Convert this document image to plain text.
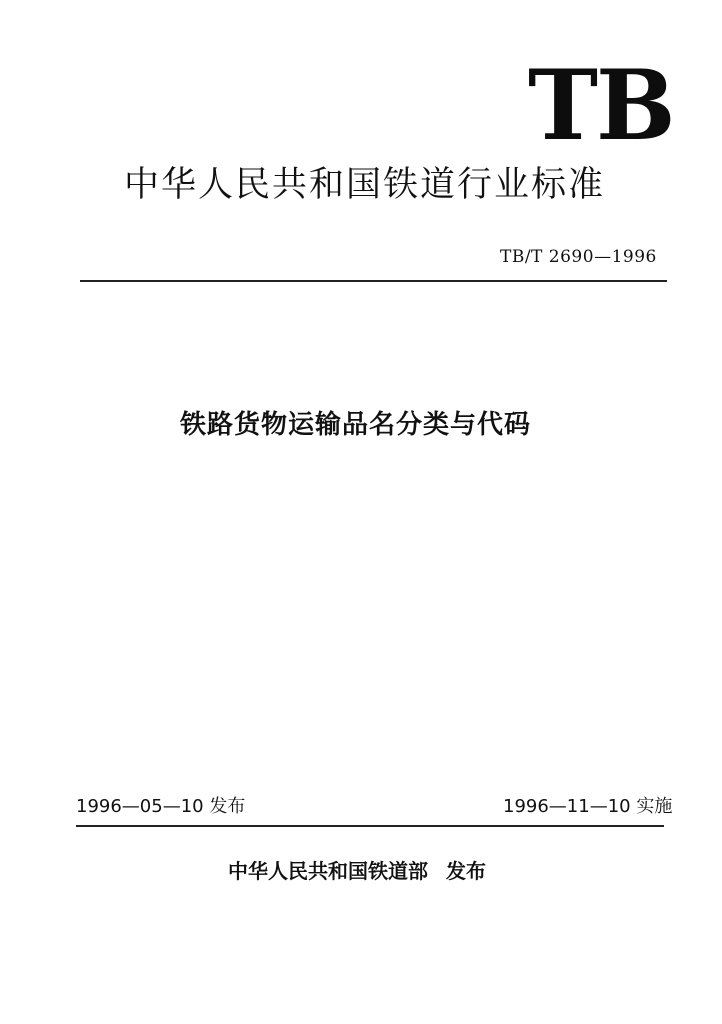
TB
中华人民共和国铁道行业标准
TB/T 2690—1996
铁路货物运输品名分类与代码
1996—05—10 发布	1996—11—10 实施
中华人民共和国铁道部 发布
